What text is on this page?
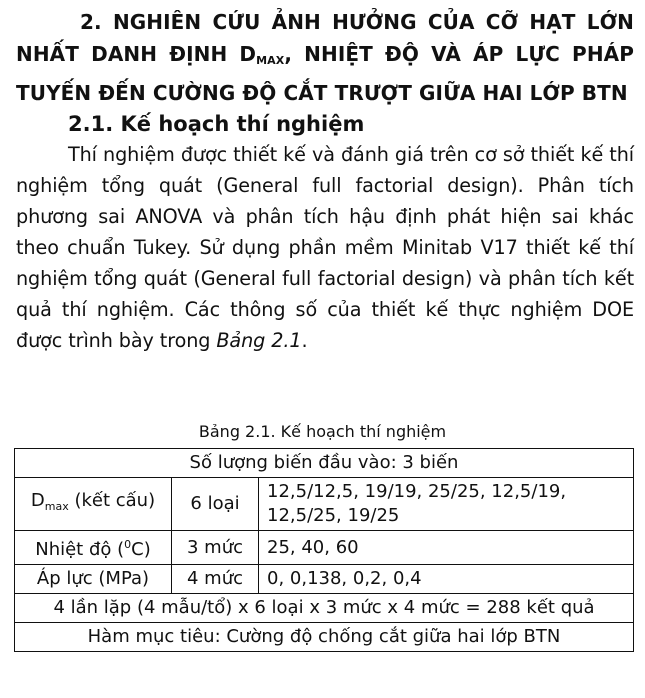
2. NGHIÊN CỨU ẢNH HƯỞNG CỦA CỠ HẠT LỚN NHẤT DANH ĐỊNH $D_{MAX}$, NHIỆT ĐỘ VÀ ÁP LỰC PHÁP TUYẾN ĐẾN CƯỜNG ĐỘ CẮT TRƯỢT GIỮA HAI LỚP BTN

2.1. Kế hoạch thí nghiệm

Thí nghiệm được thiết kế và đánh giá trên cơ sở thiết kế thí nghiệm tổng quát (General full factorial design). Phân tích phương sai ANOVA và phân tích hậu định phát hiện sai khác theo chuẩn Tukey. Sử dụng phần mềm Minitab V17 thiết kế thí nghiệm tổng quát (General full factorial design) và phân tích kết quả thí nghiệm. Các thông số của thiết kế thực nghiệm DOE được trình bày trong Bảng 2.1.

Bảng 2.1. Kế hoạch thí nghiệm
Số lượng biến đầu vào: 3 biến		
$D_{max}$ (kết cấu)	6 loại	12,5/12,5, 19/19, 25/25, 12,5/19, 12,5/25, 19/25
Nhiệt độ ($^0$C)	3 mức	25, 40, 60
Áp lực (MPa)	4 mức	0, 0,138, 0,2, 0,4
4 lần lặp (4 mẫu/tổ) x 6 loại x 3 mức x 4 mức = 288 kết quả		
Hàm mục tiêu: Cường độ chống cắt giữa hai lớp BTN		
